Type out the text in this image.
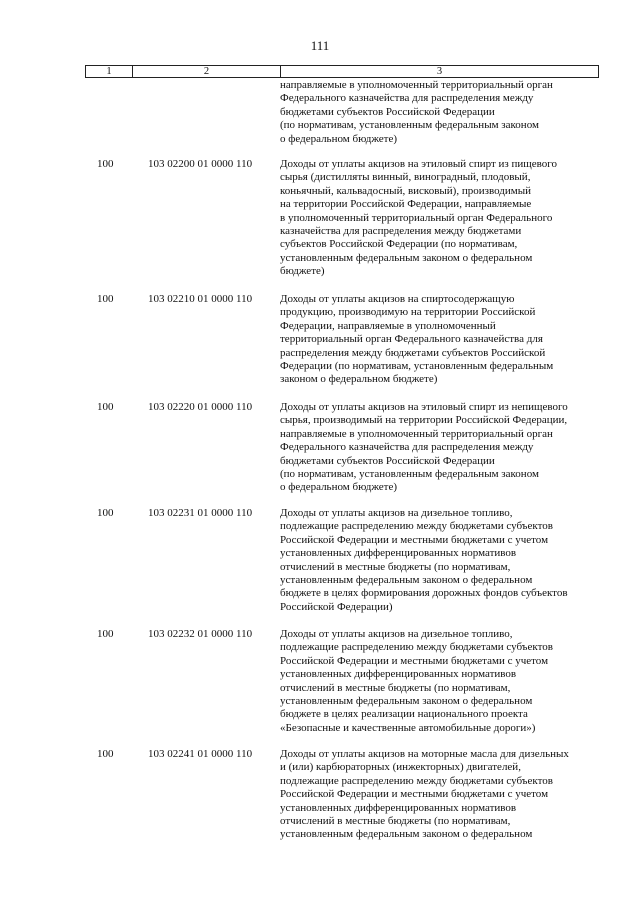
111
1	2	3
направляемые в уполномоченный территориальный орган
Федерального казначейства для распределения между
бюджетами субъектов Российской Федерации
(по нормативам, установленным федеральным законом
о федеральном бюджете)
100	103 02200 01 0000 110	Доходы от уплаты акцизов на этиловый спирт из пищевого
сырья (дистилляты винный, виноградный, плодовый,
коньячный, кальвадосный, висковый), производимый
на территории Российской Федерации, направляемые
в уполномоченный территориальный орган Федерального
казначейства для распределения между бюджетами
субъектов Российской Федерации (по нормативам,
установленным федеральным законом о федеральном
бюджете)
100	103 02210 01 0000 110	Доходы от уплаты акцизов на спиртосодержащую
продукцию, производимую на территории Российской
Федерации, направляемые в уполномоченный
территориальный орган Федерального казначейства для
распределения между бюджетами субъектов Российской
Федерации (по нормативам, установленным федеральным
законом о федеральном бюджете)
100	103 02220 01 0000 110	Доходы от уплаты акцизов на этиловый спирт из непищевого
сырья, производимый на территории Российской Федерации,
направляемые в уполномоченный территориальный орган
Федерального казначейства для распределения между
бюджетами субъектов Российской Федерации
(по нормативам, установленным федеральным законом
о федеральном бюджете)
100	103 02231 01 0000 110	Доходы от уплаты акцизов на дизельное топливо,
подлежащие распределению между бюджетами субъектов
Российской Федерации и местными бюджетами с учетом
установленных дифференцированных нормативов
отчислений в местные бюджеты (по нормативам,
установленным федеральным законом о федеральном
бюджете в целях формирования дорожных фондов субъектов
Российской Федерации)
100	103 02232 01 0000 110	Доходы от уплаты акцизов на дизельное топливо,
подлежащие распределению между бюджетами субъектов
Российской Федерации и местными бюджетами с учетом
установленных дифференцированных нормативов
отчислений в местные бюджеты (по нормативам,
установленным федеральным законом о федеральном
бюджете в целях реализации национального проекта
«Безопасные и качественные автомобильные дороги»)
100	103 02241 01 0000 110	Доходы от уплаты акцизов на моторные масла для дизельных
и (или) карбюраторных (инжекторных) двигателей,
подлежащие распределению между бюджетами субъектов
Российской Федерации и местными бюджетами с учетом
установленных дифференцированных нормативов
отчислений в местные бюджеты (по нормативам,
установленным федеральным законом о федеральном
